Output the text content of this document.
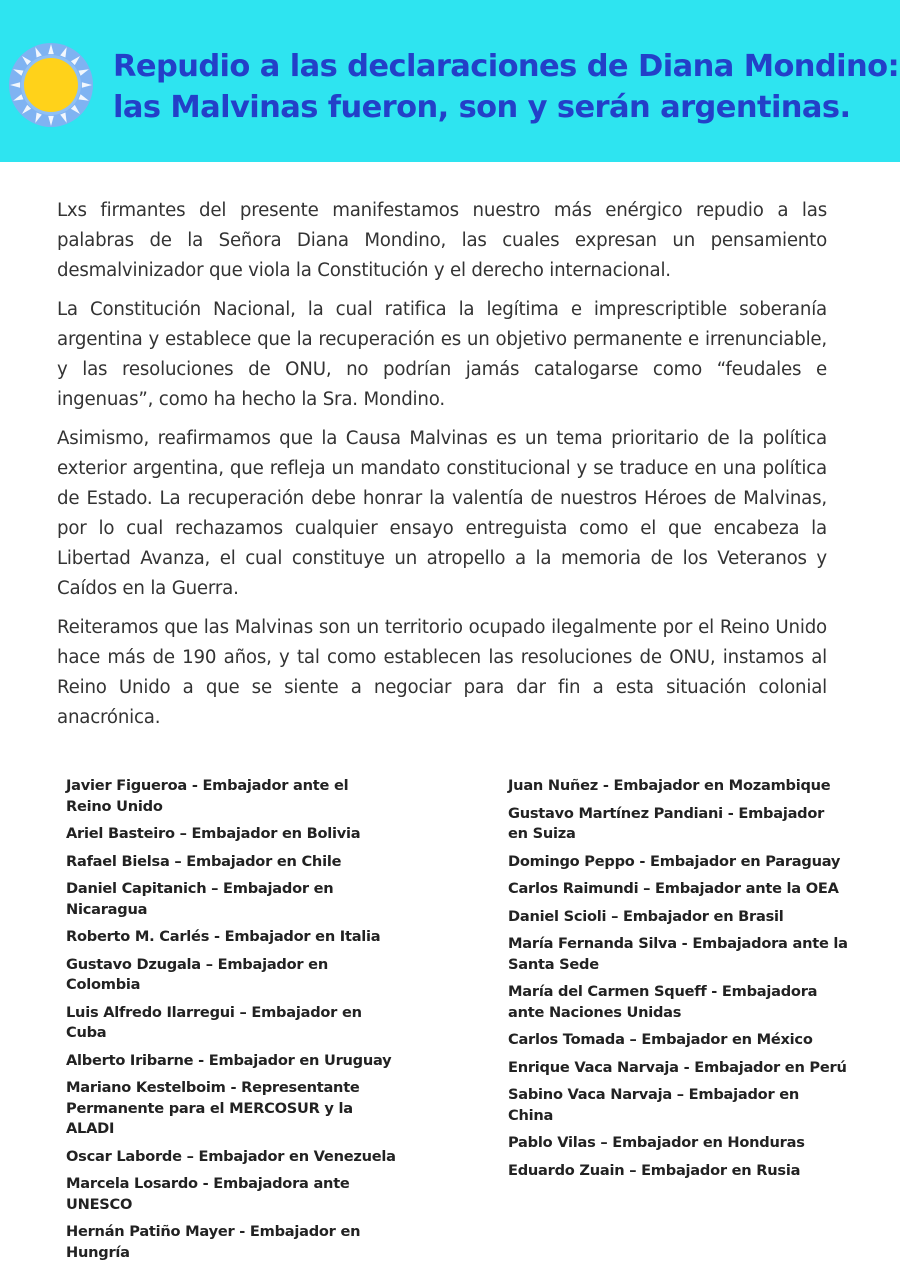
Repudio a las declaraciones de Diana Mondino:
las Malvinas fueron, son y serán argentinas.

Lxs firmantes del presente manifestamos nuestro más enérgico repudio a las palabras de la Señora Diana Mondino, las cuales expresan un pensamiento desmalvinizador que viola la Constitución y el derecho internacional.

La Constitución Nacional, la cual ratifica la legítima e imprescriptible soberanía argentina y establece que la recuperación es un objetivo permanente e irrenunciable, y las resoluciones de ONU, no podrían jamás catalogarse como “feudales e ingenuas”, como ha hecho la Sra. Mondino.

Asimismo, reafirmamos que la Causa Malvinas es un tema prioritario de la política exterior argentina, que refleja un mandato constitucional y se traduce en una política de Estado. La recuperación debe honrar la valentía de nuestros Héroes de Malvinas, por lo cual rechazamos cualquier ensayo entreguista como el que encabeza la Libertad Avanza, el cual constituye un atropello a la memoria de los Veteranos y Caídos en la Guerra.

Reiteramos que las Malvinas son un territorio ocupado ilegalmente por el Reino Unido hace más de 190 años, y tal como establecen las resoluciones de ONU, instamos al Reino Unido a que se siente a negociar para dar fin a esta situación colonial anacrónica.

Javier Figueroa - Embajador ante el Reino Unido
Ariel Basteiro – Embajador en Bolivia
Rafael Bielsa – Embajador en Chile
Daniel Capitanich – Embajador en Nicaragua
Roberto M. Carlés - Embajador en Italia
Gustavo Dzugala – Embajador en Colombia
Luis Alfredo Ilarregui – Embajador en Cuba
Alberto Iribarne - Embajador en Uruguay
Mariano Kestelboim - Representante Permanente para el MERCOSUR y la ALADI
Oscar Laborde – Embajador en Venezuela
Marcela Losardo - Embajadora ante UNESCO
Hernán Patiño Mayer - Embajador en Hungría
Juan Nuñez - Embajador en Mozambique
Gustavo Martínez Pandiani - Embajador en Suiza
Domingo Peppo - Embajador en Paraguay
Carlos Raimundi – Embajador ante la OEA
Daniel Scioli – Embajador en Brasil
María Fernanda Silva - Embajadora ante la Santa Sede
María del Carmen Squeff - Embajadora ante Naciones Unidas
Carlos Tomada – Embajador en México
Enrique Vaca Narvaja - Embajador en Perú
Sabino Vaca Narvaja – Embajador en China
Pablo Vilas – Embajador en Honduras
Eduardo Zuain – Embajador en Rusia
